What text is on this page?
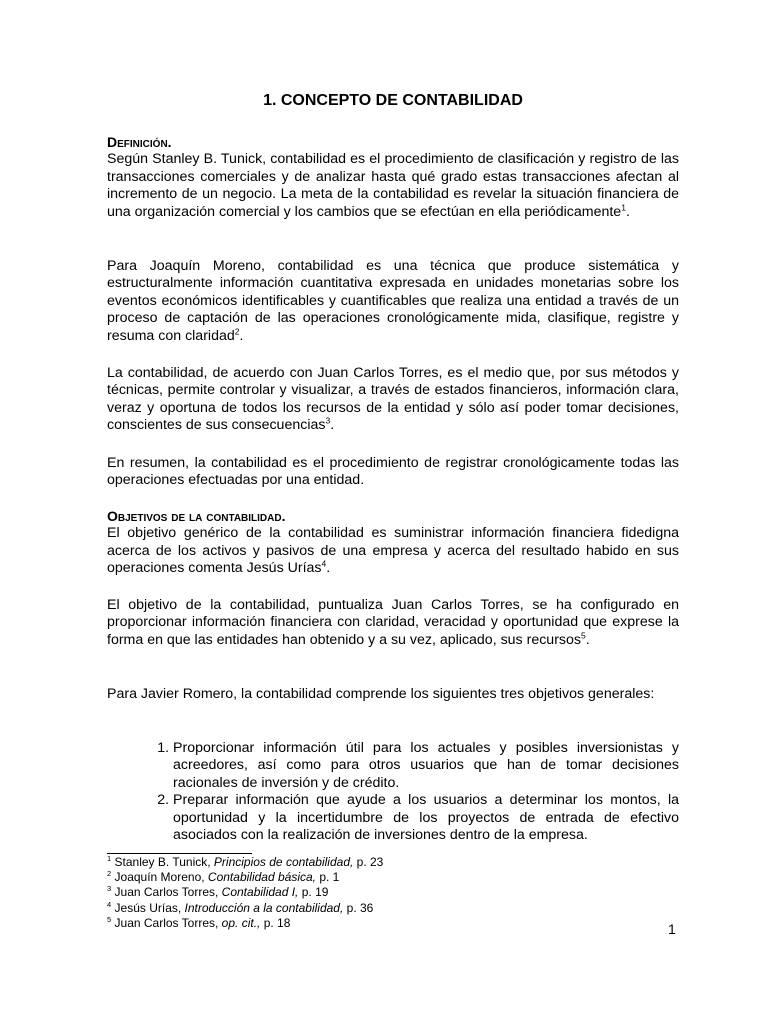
1. CONCEPTO DE CONTABILIDAD
Definición.

Según Stanley B. Tunick, contabilidad es el procedimiento de clasificación y registro de las transacciones comerciales y de analizar hasta qué grado estas transacciones afectan al incremento de un negocio. La meta de la contabilidad es revelar la situación financiera de una organización comercial y los cambios que se efectúan en ella periódicamente$^1$.

Para Joaquín Moreno, contabilidad es una técnica que produce sistemática y estructuralmente información cuantitativa expresada en unidades monetarias sobre los eventos económicos identificables y cuantificables que realiza una entidad a través de un proceso de captación de las operaciones cronológicamente mida, clasifique, registre y resuma con claridad$^2$.

La contabilidad, de acuerdo con Juan Carlos Torres, es el medio que, por sus métodos y técnicas, permite controlar y visualizar, a través de estados financieros, información clara, veraz y oportuna de todos los recursos de la entidad y sólo así poder tomar decisiones, conscientes de sus consecuencias$^3$.

En resumen, la contabilidad es el procedimiento de registrar cronológicamente todas las operaciones efectuadas por una entidad.

Objetivos de la contabilidad.

El objetivo genérico de la contabilidad es suministrar información financiera fidedigna acerca de los activos y pasivos de una empresa y acerca del resultado habido en sus operaciones comenta Jesús Urías$^4$.

El objetivo de la contabilidad, puntualiza Juan Carlos Torres, se ha configurado en proporcionar información financiera con claridad, veracidad y oportunidad que exprese la forma en que las entidades han obtenido y a su vez, aplicado, sus recursos$^5$.

Para Javier Romero, la contabilidad comprende los siguientes tres objetivos generales:

1. Proporcionar información útil para los actuales y posibles inversionistas y acreedores, así como para otros usuarios que han de tomar decisiones racionales de inversión y de crédito.
2. Preparar información que ayude a los usuarios a determinar los montos, la oportunidad y la incertidumbre de los proyectos de entrada de efectivo asociados con la realización de inversiones dentro de la empresa.
$^1$ Stanley B. Tunick, Principios de contabilidad, p. 23
$^2$ Joaquín Moreno, Contabilidad básica, p. 1
$^3$ Juan Carlos Torres, Contabilidad I, p. 19
$^4$ Jesús Urías, Introducción a la contabilidad, p. 36
$^5$ Juan Carlos Torres, op. cit., p. 18	1
